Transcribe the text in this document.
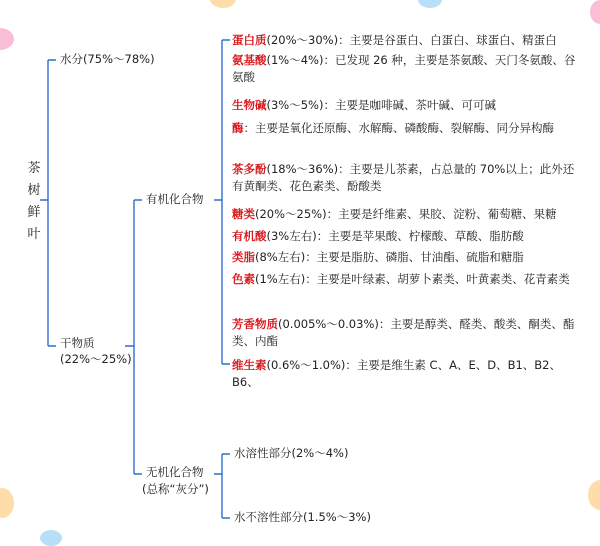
茶
树
鲜
叶
水分(75%～78%)
干物质
(22%～25%)
有机化合物
无机化合物
(总称“灰分”)
水溶性部分(2%～4%)
水不溶性部分(1.5%～3%)
蛋白质(20%～30%)：主要是谷蛋白、白蛋白、球蛋白、精蛋白
氨基酸(1%～4%)：已发现 26 种，主要是茶氨酸、天门冬氨酸、谷氨酸
生物碱(3%～5%)：主要是咖啡碱、茶叶碱、可可碱
酶：主要是氧化还原酶、水解酶、磷酸酶、裂解酶、同分异构酶
茶多酚(18%～36%)：主要是儿茶素，占总量的 70%以上；此外还有黄酮类、花色素类、酚酸类
糖类(20%～25%)：主要是纤维素、果胶、淀粉、葡萄糖、果糖
有机酸(3%左右)：主要是苹果酸、柠檬酸、草酸、脂肪酸
类脂(8%左右)：主要是脂肪、磷脂、甘油酯、硫脂和糖脂
色素(1%左右)：主要是叶绿素、胡萝卜素类、叶黄素类、花青素类
芳香物质(0.005%～0.03%)：主要是醇类、醛类、酸类、酮类、酯类、内酯
维生素(0.6%～1.0%)：主要是维生素 C、A、E、D、B1、B2、B6、
